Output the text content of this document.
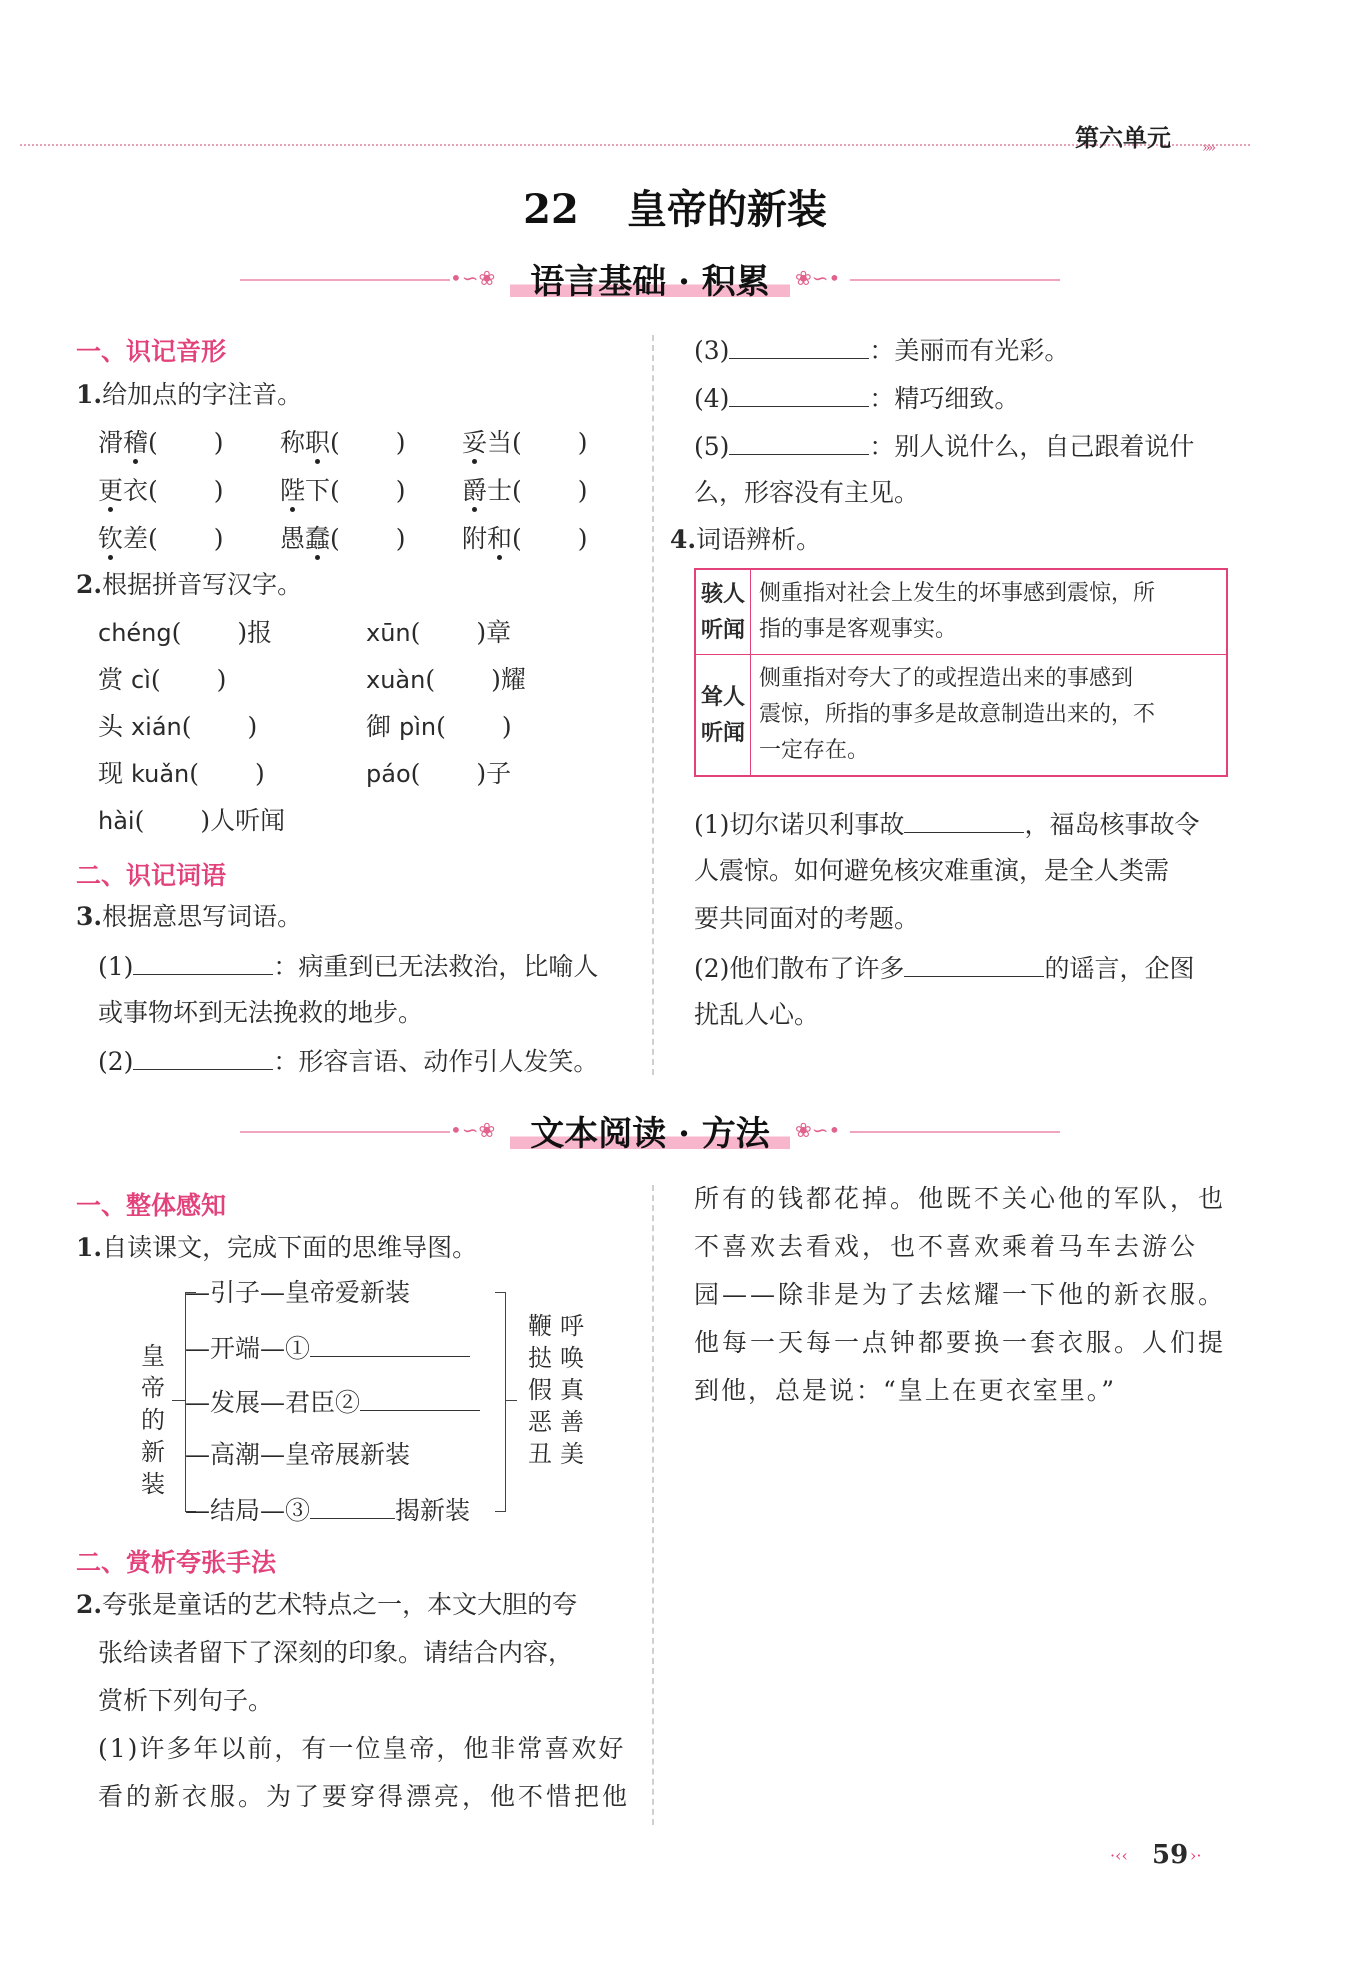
第六单元 »»
22 皇帝的新装
•∽❀	语言基础 · 积累	❀∽•
一、识记音形
1.给加点的字注音。
2.根据拼音写汉字。
二、识记词语
3.根据意思写词语。
(1)	：病重到已无法救治，比喻人
或事物坏到无法挽救的地步。
(2)	：形容言语、动作引人发笑。
(3)	：美丽而有光彩。
(4)	：精巧细致。
(5)	：别人说什么，自己跟着说什
么，形容没有主见。
4.词语辨析。
骇人听闻	侧重指对社会上发生的坏事感到震惊，所
指的事是客观事实。

耸人听闻	侧重指对夸大了的或捏造出来的事感到
震惊，所指的事多是故意制造出来的，不
一定存在。
(1)切尔诺贝利事故	，福岛核事故令
人震惊。如何避免核灾难重演，是全人类需
要共同面对的考题。
(2)他们散布了许多	的谣言，企图
扰乱人心。
•∽❀	文本阅读 · 方法	❀∽•
一、整体感知
1.自读课文，完成下面的思维导图。
皇
帝
的
新
装
—引子—皇帝爱新装
—开端—①
—发展—君臣②
—高潮—皇帝展新装
—结局—③	揭新装
鞭
挞
假
恶
丑
呼
唤
真
善
美
二、赏析夸张手法
2.夸张是童话的艺术特点之一，本文大胆的夸
张给读者留下了深刻的印象。请结合内容，
赏析下列句子。
(1)许多年以前，有一位皇帝，他非常喜欢好
看的新衣服。为了要穿得漂亮，他不惜把他
所有的钱都花掉。他既不关心他的军队，也
不喜欢去看戏，也不喜欢乘着马车去游公
园——除非是为了去炫耀一下他的新衣服。
他每一天每一点钟都要换一套衣服。人们提
到他，总是说：“皇上在更衣室里。”
·‹‹ 59 ›·
滑稽( ) 称职( ) 妥当( )
更衣( ) 陛下( ) 爵士( )
钦差( ) 愚蠢( ) 附和( )
chéng( )报	xūn( )章
赏 cì( )	xuàn( )耀
头 xián( )	御 pìn( )
现 kuǎn( )	páo( )子
hài( )人听闻
